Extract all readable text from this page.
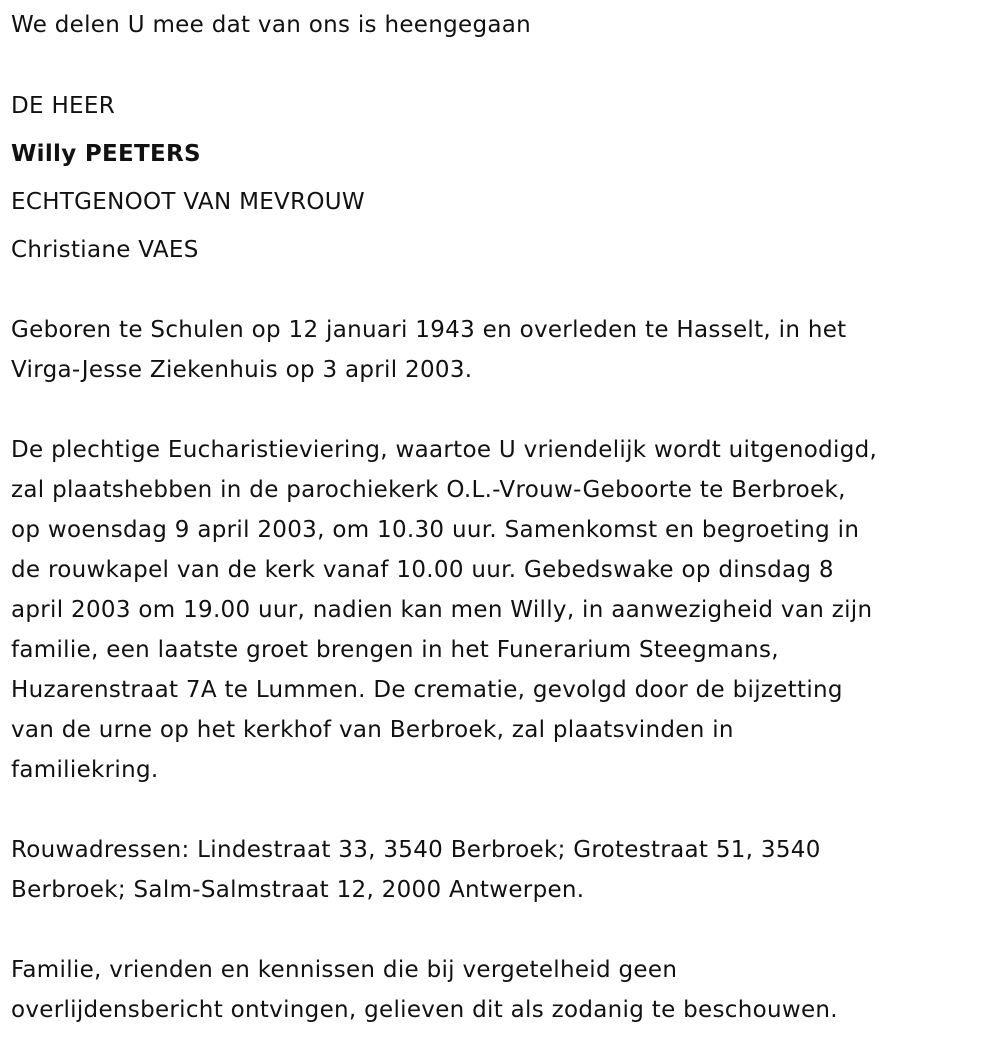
We delen U mee dat van ons is heengegaan
DE HEER
Willy PEETERS
ECHTGENOOT VAN MEVROUW
Christiane VAES
Geboren te Schulen op 12 januari 1943 en overleden te Hasselt, in het
Virga-Jesse Ziekenhuis op 3 april 2003.
De plechtige Eucharistieviering, waartoe U vriendelijk wordt uitgenodigd,
zal plaatshebben in de parochiekerk O.L.-Vrouw-Geboorte te Berbroek,
op woensdag 9 april 2003, om 10.30 uur. Samenkomst en begroeting in
de rouwkapel van de kerk vanaf 10.00 uur. Gebedswake op dinsdag 8
april 2003 om 19.00 uur, nadien kan men Willy, in aanwezigheid van zijn
familie, een laatste groet brengen in het Funerarium Steegmans,
Huzarenstraat 7A te Lummen. De crematie, gevolgd door de bijzetting
van de urne op het kerkhof van Berbroek, zal plaatsvinden in
familiekring.
Rouwadressen: Lindestraat 33, 3540 Berbroek; Grotestraat 51, 3540
Berbroek; Salm-Salmstraat 12, 2000 Antwerpen.
Familie, vrienden en kennissen die bij vergetelheid geen
overlijdensbericht ontvingen, gelieven dit als zodanig te beschouwen.
